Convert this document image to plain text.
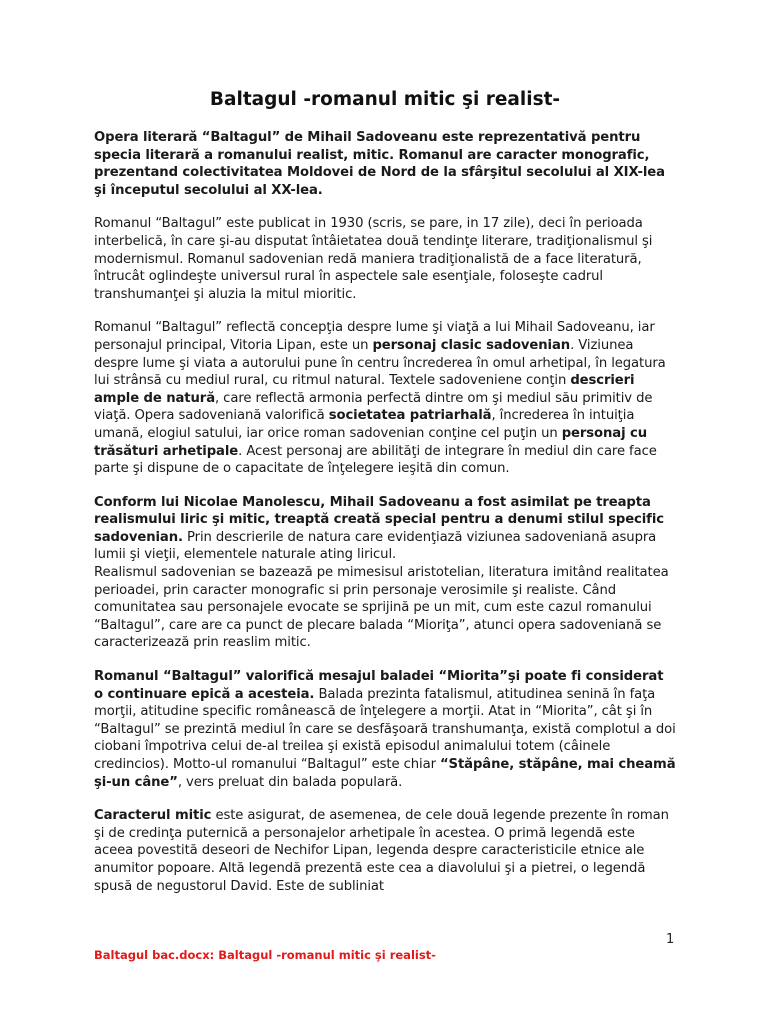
Baltagul -romanul mitic şi realist-

Opera literară “Baltagul” de Mihail Sadoveanu este reprezentativă pentru specia literară a romanului realist, mitic. Romanul are caracter monografic, prezentand colectivitatea Moldovei de Nord de la sfârşitul secolului al XIX-lea şi începutul secolului al XX-lea.

Romanul “Baltagul” este publicat in 1930 (scris, se pare, in 17 zile), deci în perioada interbelică, în care şi-au disputat întâietatea două tendinţe literare, tradiţionalismul şi modernismul. Romanul sadovenian redă maniera tradiţionalistă de a face literatură, întrucât oglindeşte universul rural în aspectele sale esenţiale, foloseşte cadrul transhumanţei şi aluzia la mitul mioritic.

Romanul “Baltagul” reflectă concepţia despre lume şi viaţă a lui Mihail Sadoveanu, iar personajul principal, Vitoria Lipan, este un personaj clasic sadovenian. Viziunea despre lume şi viata a autorului pune în centru încrederea în omul arhetipal, în legatura lui strânsă cu mediul rural, cu ritmul natural. Textele sadoveniene conţin descrieri ample de natură, care reflectă armonia perfectă dintre om şi mediul său primitiv de viaţă. Opera sadoveniană valorifică societatea patriarhală, încrederea în intuiţia umană, elogiul satului, iar orice roman sadovenian conţine cel puţin un personaj cu trăsături arhetipale. Acest personaj are abilităţi de integrare în mediul din care face parte şi dispune de o capacitate de înţelegere ieşită din comun.

Conform lui Nicolae Manolescu, Mihail Sadoveanu a fost asimilat pe treapta realismului liric şi mitic, treaptă creată special pentru a denumi stilul specific sadovenian. Prin descrierile de natura care evidenţiază viziunea sadoveniană asupra lumii şi vieţii, elementele naturale ating liricul.
Realismul sadovenian se bazează pe mimesisul aristotelian, literatura imitând realitatea perioadei, prin caracter monografic si prin personaje verosimile şi realiste. Când comunitatea sau personajele evocate se sprijină pe un mit, cum este cazul romanului “Baltagul”, care are ca punct de plecare balada “Mioriţa”, atunci opera sadoveniană se caracterizează prin reaslim mitic.

Romanul “Baltagul” valorifică mesajul baladei “Miorita”şi poate fi considerat o continuare epică a acesteia. Balada prezinta fatalismul, atitudinea senină în faţa morţii, atitudine specific românească de înţelegere a morţii. Atat in “Miorita”, cât şi în “Baltagul” se prezintă mediul în care se desfăşoară transhumanţa, există complotul a doi ciobani împotriva celui de-al treilea şi există episodul animalului totem (câinele credincios). Motto-ul romanului “Baltagul” este chiar “Stăpâne, stăpâne, mai cheamă şi-un câne”, vers preluat din balada populară.

Caracterul mitic este asigurat, de asemenea, de cele două legende prezente în roman şi de credinţa puternică a personajelor arhetipale în acestea. O primă legendă este aceea povestită deseori de Nechifor Lipan, legenda despre caracteristicile etnice ale anumitor popoare. Altă legendă prezentă este cea a diavolului şi a pietrei, o legendă spusă de negustorul David. Este de subliniat

1
Baltagul bac.docx: Baltagul -romanul mitic şi realist-
